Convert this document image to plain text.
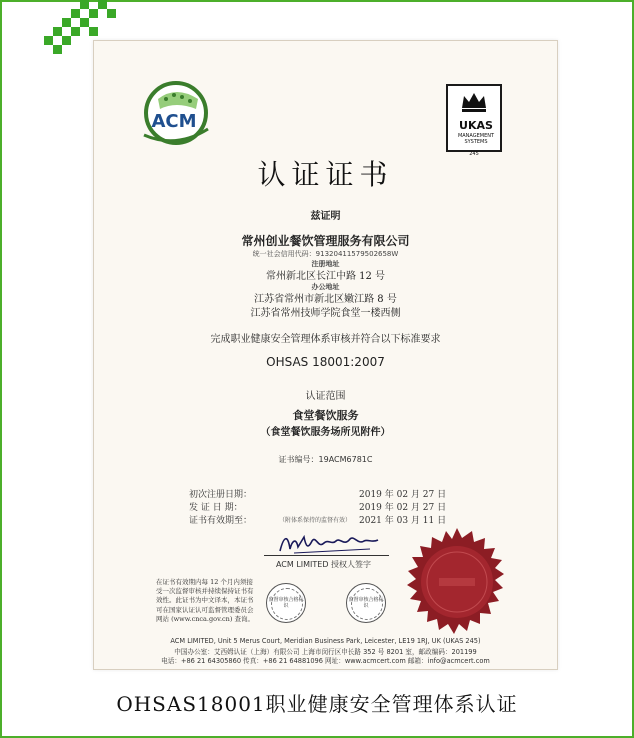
ACM	UKAS
MANAGEMENT
SYSTEMS
245
认证证书
兹证明
常州创业餐饮管理服务有限公司
统一社会信用代码：91320411579502658W
注册地址
常州新北区长江中路 12 号
办公地址
江苏省常州市新北区嫩江路 8 号
江苏省常州技师学院食堂一楼西侧
完成职业健康安全管理体系审核并符合以下标准要求
OHSAS 18001:2007
认证范围
食堂餐饮服务
（食堂餐饮服务场所见附件）
证书编号：19ACM6781C
初次注册日期：	2019 年 02 月 27 日
发 证 日 期：	2019 年 02 月 27 日
证书有效期至：	2021 年 03 月 11 日
（附体系保持的监督有效）
ACM LIMITED 授权人签字
在证书有效期内每 12 个月内须接受一次监督审核并持续保持证书有效性。此证书为中文译本，本证书可在国家认证认可监督管理委员会网站 (www.cnca.gov.cn) 查询。
监督审核合格标识
监督审核合格标识
ACM LIMITED, Unit 5 Merus Court, Meridian Business Park, Leicester, LE19 1RJ, UK (UKAS 245)
中国办公室：艾西姆认证（上海）有限公司 上海市闵行区申长路 352 号 8201 室，邮政编码：201199
电话：+86 21 64305860 传真：+86 21 64881096 网址：www.acmcert.com 邮箱：info@acmcert.com
OHSAS18001职业健康安全管理体系认证
